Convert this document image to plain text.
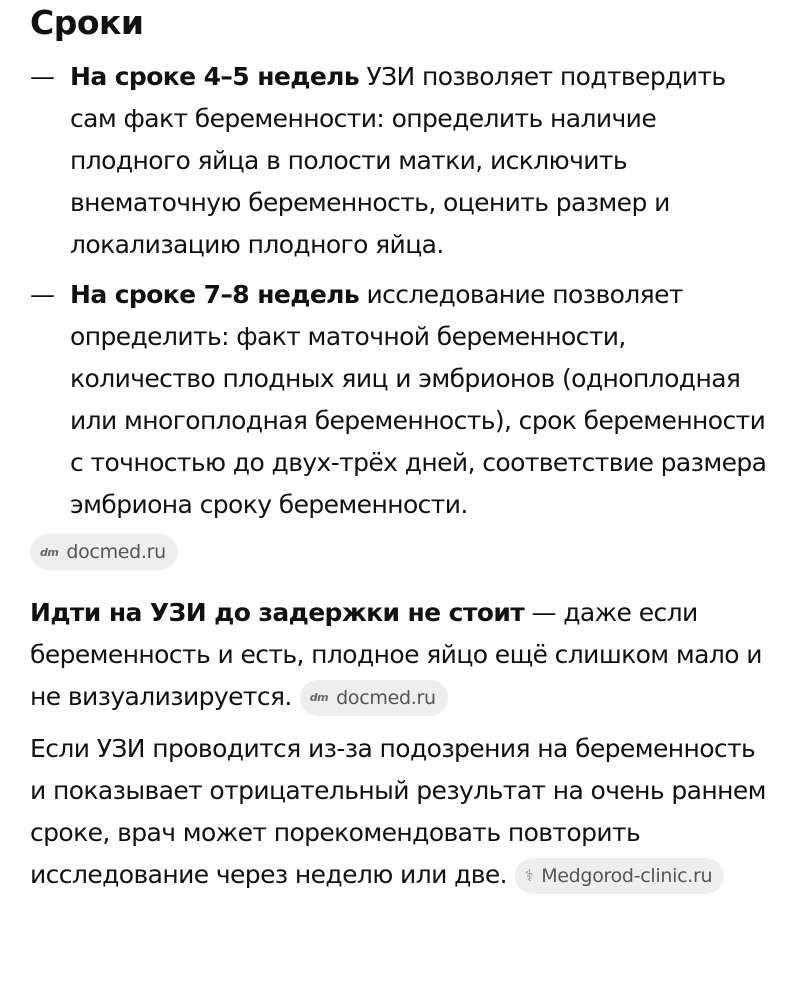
Сроки
— На сроке 4–5 недель УЗИ позволяет подтвердить сам факт беременности: определить наличие плодного яйца в полости матки, исключить внематочную беременность, оценить размер и локализацию плодного яйца.
— На сроке 7–8 недель исследование позволяет определить: факт маточной беременности, количество плодных яиц и эмбрионов (одноплодная или многоплодная беременность), срок беременности с точностью до двух-трёх дней, соответствие размера эмбриона сроку беременности.
dm docmed.ru

Идти на УЗИ до задержки не стоит — даже если беременность и есть, плодное яйцо ещё слишком мало и не визуализируется. dm docmed.ru

Если УЗИ проводится из-за подозрения на беременность и показывает отрицательный результат на очень раннем сроке, врач может порекомендовать повторить исследование через неделю или две. ⚕ Medgorod-clinic.ru
